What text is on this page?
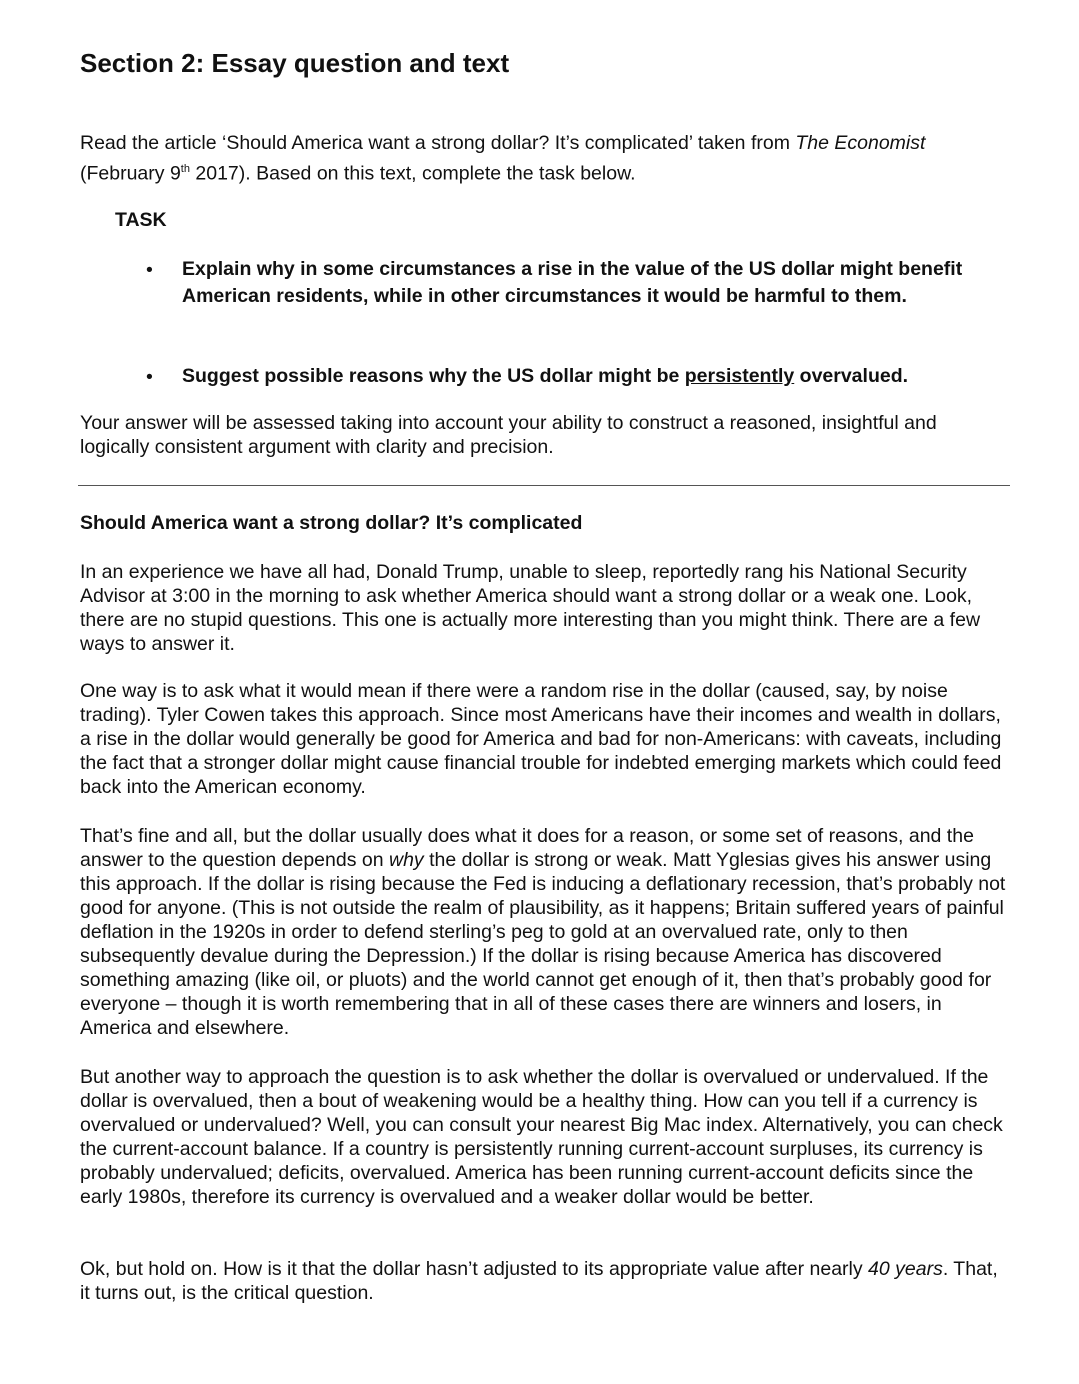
Section 2: Essay question and text

Read the article ‘Should America want a strong dollar? It’s complicated’ taken from The Economist
(February 9th 2017). Based on this text, complete the task below.

TASK
• Explain why in some circumstances a rise in the value of the US dollar might benefit American residents, while in other circumstances it would be harmful to them.

• Suggest possible reasons why the US dollar might be persistently overvalued.

Your answer will be assessed taking into account your ability to construct a reasoned, insightful and logically consistent argument with clarity and precision.

Should America want a strong dollar? It’s complicated

In an experience we have all had, Donald Trump, unable to sleep, reportedly rang his National Security Advisor at 3:00 in the morning to ask whether America should want a strong dollar or a weak one. Look, there are no stupid questions. This one is actually more interesting than you might think. There are a few ways to answer it.

One way is to ask what it would mean if there were a random rise in the dollar (caused, say, by noise trading). Tyler Cowen takes this approach. Since most Americans have their incomes and wealth in dollars, a rise in the dollar would generally be good for America and bad for non-Americans: with caveats, including the fact that a stronger dollar might cause financial trouble for indebted emerging markets which could feed back into the American economy.

That’s fine and all, but the dollar usually does what it does for a reason, or some set of reasons, and the answer to the question depends on why the dollar is strong or weak. Matt Yglesias gives his answer using this approach. If the dollar is rising because the Fed is inducing a deflationary recession, that’s probably not good for anyone. (This is not outside the realm of plausibility, as it happens; Britain suffered years of painful deflation in the 1920s in order to defend sterling’s peg to gold at an overvalued rate, only to then subsequently devalue during the Depression.) If the dollar is rising because America has discovered something amazing (like oil, or pluots) and the world cannot get enough of it, then that’s probably good for everyone – though it is worth remembering that in all of these cases there are winners and losers, in America and elsewhere.

But another way to approach the question is to ask whether the dollar is overvalued or undervalued. If the dollar is overvalued, then a bout of weakening would be a healthy thing. How can you tell if a currency is overvalued or undervalued? Well, you can consult your nearest Big Mac index. Alternatively, you can check the current-account balance. If a country is persistently running current-account surpluses, its currency is probably undervalued; deficits, overvalued. America has been running current-account deficits since the early 1980s, therefore its currency is overvalued and a weaker dollar would be better.

Ok, but hold on. How is it that the dollar hasn’t adjusted to its appropriate value after nearly 40 years. That, it turns out, is the critical question.
